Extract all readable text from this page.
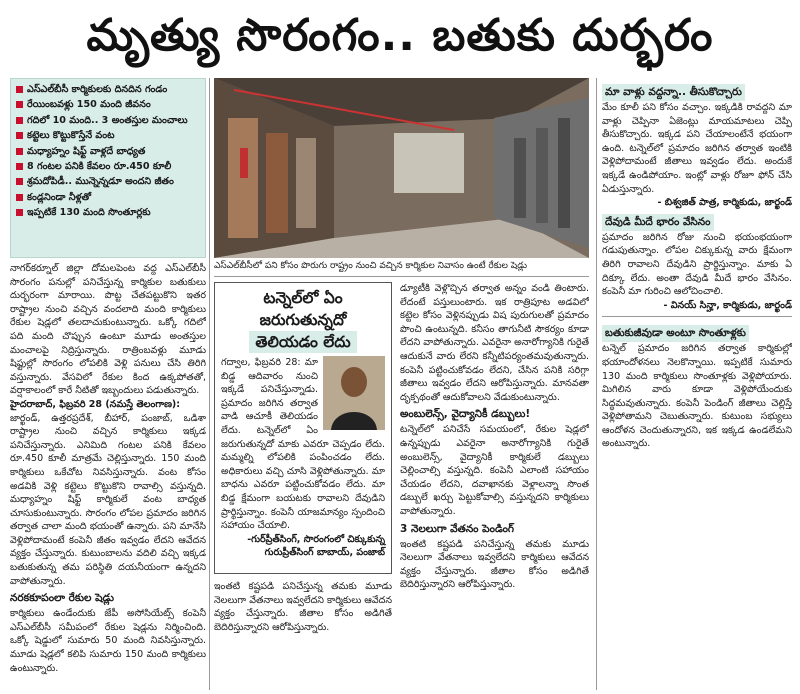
మృత్యు సొరంగం.. బతుకు దుర్భరం
ఎస్‌ఎల్‌బీసీ కార్మికులకు దినదిన గండం
రేయింబవళ్లు 150 మంది జీవనం
గదిలో 10 మంది.. 3 అంతస్తుల మంచాలు
కట్టెలు కొట్టుకొస్తేనే వంట
మధ్యాహ్నం షిఫ్ట్ వాళ్లదే బాధ్యత
8 గంటల పనికి కేవలం రూ.450 కూలీ
శ్రమదోపిడీ.. మున్నెన్నడూ అందని జీతం
కండ్లనిండా నీళ్లతో
ఇప్పటికే 130 మంది సొంతూర్లకు
ఎస్‌ఎల్‌బీసీలో పని కోసం పొరుగు రాష్ట్రం నుంచి వచ్చిన కార్మికుల నివాసం ఉంటే రేకుల షెడ్లు

నాగర్‌కర్నూల్ జిల్లా దోమలపెంట వద్ద ఎస్‌ఎల్‌బీసీ సొరంగం పనుల్లో పనిచేస్తున్న కార్మికుల బతుకులు దుర్భరంగా మారాయి. పొట్ట చేతపట్టుకొని ఇతర రాష్ట్రాల నుంచి వచ్చిన వందలాది మంది కార్మికులు రేకుల షెడ్లలో తలదాచుకుంటున్నారు. ఒక్కో గదిలో పది మంది చొప్పున ఉంటూ మూడు అంతస్తుల మంచాలపై నిద్రిస్తున్నారు. రాత్రింబవళ్లు మూడు షిఫ్టుల్లో సొరంగం లోపలికి వెళ్లి పనులు చేసి తిరిగి వస్తున్నారు. వేసవిలో రేకుల కింద ఉక్కపోతతో, వర్షాకాలంలో కారే నీటితో ఇబ్బందులు పడుతున్నారు.

హైదరాబాద్, ఫిబ్రవరి 28 (నమస్తే తెలంగాణ):

జార్ఖండ్, ఉత్తరప్రదేశ్, బీహార్, పంజాబ్, ఒడిశా రాష్ట్రాల నుంచి వచ్చిన కార్మికులు ఇక్కడ పనిచేస్తున్నారు. ఎనిమిది గంటల పనికి కేవలం రూ.450 కూలీ మాత్రమే చెల్లిస్తున్నారు. 150 మంది కార్మికులు ఒకేచోట నివసిస్తున్నారు. వంట కోసం అడవికి వెళ్లి కట్టెలు కొట్టుకొని రావాల్సి వస్తున్నది. మధ్యాహ్నం షిఫ్ట్ కార్మికులే వంట బాధ్యత చూసుకుంటున్నారు. సొరంగం లోపల ప్రమాదం జరిగిన తర్వాత చాలా మంది భయంతో ఉన్నారు. పని మానేసి వెళ్లిపోదామంటే కంపెనీ జీతం ఇవ్వడం లేదని ఆవేదన వ్యక్తం చేస్తున్నారు. కుటుంబాలను వదిలి వచ్చి ఇక్కడ బతుకుతున్న తమ పరిస్థితి దయనీయంగా ఉన్నదని వాపోతున్నారు.

నరకకూపంలా రేకుల షెడ్లు

కార్మికులు ఉండేందుకు జేపీ అసోసియేట్స్ కంపెనీ ఎస్‌ఎల్‌బీసీ సమీపంలో రేకుల షెడ్లను నిర్మించింది. ఒక్కో షెడ్డులో సుమారు 50 మంది నివసిస్తున్నారు. మూడు షెడ్లలో కలిపి సుమారు 150 మంది కార్మికులు ఉంటున్నారు.

టన్నెల్‌లో ఏం జరుగుతున్నదో
తెలియడం లేదు

గద్వాల, ఫిబ్రవరి 28: మా బిడ్డ ఆదివారం నుంచి ఇక్కడే పనిచేస్తున్నాడు. ప్రమాదం జరిగిన తర్వాత వాడి ఆచూకీ తెలియడం లేదు. టన్నెల్‌లో ఏం జరుగుతున్నదో మాకు ఎవరూ చెప్పడం లేదు. మమ్మల్ని లోపలికి పంపించడం లేదు. అధికారులు వచ్చి చూసి వెళ్లిపోతున్నారు. మా బాధను ఎవరూ పట్టించుకోవడం లేదు. మా బిడ్డ క్షేమంగా బయటకు రావాలని దేవుడిని ప్రార్థిస్తున్నాం. కంపెనీ యాజమాన్యం స్పందించి సహాయం చేయాలి.

-గుర్‌ప్రీత్‌సింగ్, సొరంగంలో చిక్కుకున్న గురుప్రీత్‌సింగ్ బాబాయ్, పంజాబ్

డ్యూటీకి వెళ్లొచ్చిన తర్వాత అన్నం వండి తింటారు. లేదంటే పస్తులుంటారు. ఇక రాత్రిపూట అడవిలో కట్టెల కోసం వెళ్లినప్పుడు విష పురుగులతో ప్రమాదం పొంచి ఉంటున్నది. కనీసం తాగునీటి సౌకర్యం కూడా లేదని వాపోతున్నారు. ఎవరైనా అనారోగ్యానికి గురైతే ఆదుకునే వారు లేరని కన్నీటిపర్యంతమవుతున్నారు. కంపెనీ పట్టించుకోవడం లేదని, చేసిన పనికి సరిగ్గా జీతాలు ఇవ్వడం లేదని ఆరోపిస్తున్నారు. మానవతా దృక్పథంతో ఆదుకోవాలని వేడుకుంటున్నారు.

అంబులెన్స్, వైద్యానికీ డబ్బులు!

టన్నెల్‌లో పనిచేసే సమయంలో, రేకుల షెడ్లలో ఉన్నప్పుడు ఎవరైనా అనారోగ్యానికి గురైతే అంబులెన్స్, వైద్యానికీ కార్మికులే డబ్బులు చెల్లించాల్సి వస్తున్నది. కంపెనీ ఎలాంటి సహాయం చేయడం లేదని, దవాఖానకు వెళ్లాలన్నా సొంత డబ్బులే ఖర్చు పెట్టుకోవాల్సి వస్తున్నదని కార్మికులు వాపోతున్నారు.

3 నెలలుగా వేతనం పెండింగ్

ఇంతటి కష్టపడి పనిచేస్తున్న తమకు మూడు నెలలుగా వేతనాలు ఇవ్వలేదని కార్మికులు ఆవేదన వ్యక్తం చేస్తున్నారు. జీతాల కోసం అడిగితే బెదిరిస్తున్నారని ఆరోపిస్తున్నారు.

ఇంతటి కష్టపడి పనిచేస్తున్న తమకు మూడు నెలలుగా వేతనాలు ఇవ్వలేదని కార్మికులు ఆవేదన వ్యక్తం చేస్తున్నారు. జీతాల కోసం అడిగితే బెదిరిస్తున్నారని ఆరోపిస్తున్నారు.

మా వాళ్లు వద్దన్నా.. తీసుకొచ్చారు

మేం కూలీ పని కోసం వచ్చాం. ఇక్కడికి రావద్దని మా వాళ్లు చెప్పినా ఏజెంట్లు మాయమాటలు చెప్పి తీసుకొచ్చారు. ఇక్కడ పని చేయాలంటేనే భయంగా ఉంది. టన్నెల్‌లో ప్రమాదం జరిగిన తర్వాత ఇంటికి వెళ్లిపోదామంటే జీతాలు ఇవ్వడం లేదు. అందుకే ఇక్కడే ఉండిపోయాం. ఇంట్లో వాళ్లు రోజూ ఫోన్ చేసి ఏడుస్తున్నారు.

- బిశ్వజిత్ పాత్ర, కార్మికుడు, జార్ఖండ్
దేవుడి మీదే భారం వేసినం

ప్రమాదం జరిగిన రోజు నుంచి భయంభయంగా గడుపుతున్నాం. లోపల చిక్కుకున్న వారు క్షేమంగా తిరిగి రావాలని దేవుడిని ప్రార్థిస్తున్నాం. మాకు ఏ దిక్కూ లేదు. అంతా దేవుడి మీదే భారం వేసినం. కంపెనీ మా గురించి ఆలోచించాలి.

- వినయ్ సిన్హా, కార్మికుడు, జార్ఖండ్
బతుకుజీవుడా అంటూ సొంతూళ్లకు

టన్నెల్ ప్రమాదం జరిగిన తర్వాత కార్మికుల్లో భయాందోళనలు నెలకొన్నాయి. ఇప్పటికే సుమారు 130 మంది కార్మికులు సొంతూళ్లకు వెళ్లిపోయారు. మిగిలిన వారు కూడా వెళ్లిపోయేందుకు సిద్ధమవుతున్నారు. కంపెనీ పెండింగ్ జీతాలు చెల్లిస్తే వెళ్లిపోతామని చెబుతున్నారు. కుటుంబ సభ్యులు ఆందోళన చెందుతున్నారని, ఇక ఇక్కడ ఉండలేమని అంటున్నారు.
